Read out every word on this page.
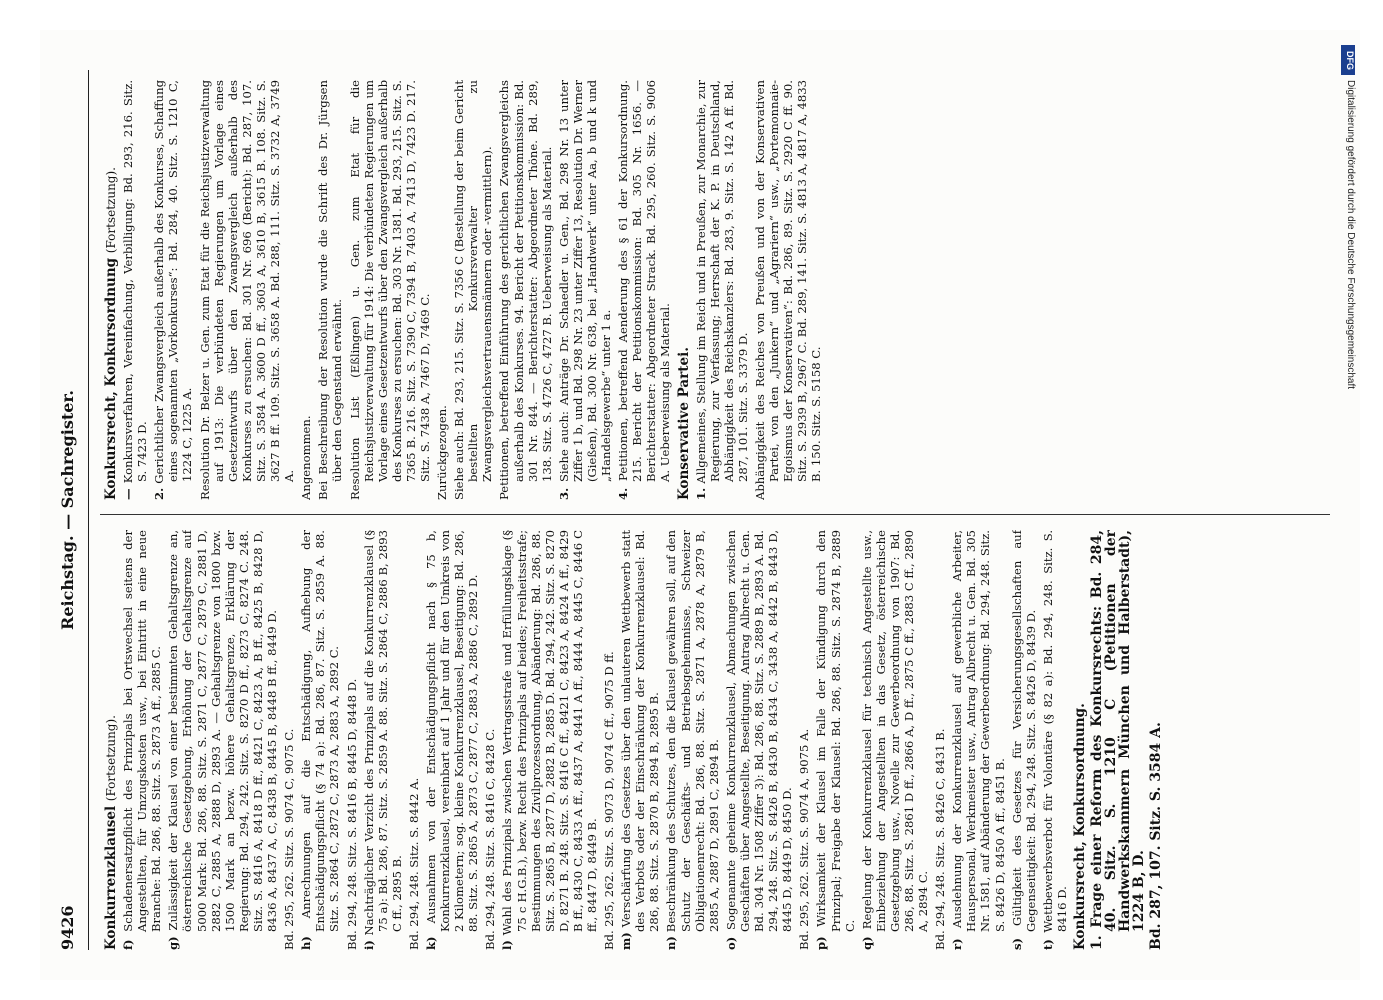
9426
Reichstag. — Sachregister.
Konkurrenzklausel (Fortsetzung).
f) Schadenersatzpflicht des Prinzipals bei Ortswechsel seitens der Angestellten, für Umzugskosten usw., bei Eintritt in eine neue Branche: Bd. 286, 88. Sitz. S. 2873 A ff., 2885 C.
g) Zulässigkeit der Klausel von einer bestimmten Gehaltsgrenze an, österreichische Gesetzgebung, Erhöhung der Gehaltsgrenze auf 5000 Mark: Bd. 286, 88. Sitz. S. 2871 C, 2877 C, 2879 C, 2881 D, 2882 C, 2885 A, 2888 D, 2893 A. — Gehaltsgrenze von 1800 bzw. 1500 Mark an bezw. höhere Gehaltsgrenze, Erklärung der Regierung: Bd. 294, 242. Sitz. S. 8270 D ff., 8273 C, 8274 C. 248. Sitz. S. 8416 A, 8418 D ff., 8421 C, 8423 A, B ff., 8425 B, 8428 D, 8436 A, 8437 A, C, 8438 B, 8445 B, 8448 B ff., 8449 D. Bd. 295, 262. Sitz. S. 9074 C, 9075 C. h) Anrechnungen auf die Entschädigung, Aufhebung der Entschädigungspflicht (§ 74 a): Bd. 286, 87. Sitz. S. 2859 A. 88. Sitz. S. 2864 C, 2872 C, 2873 A, 2883 A, 2892 C. Bd. 294, 248. Sitz. S. 8416 B, 8445 D, 8448 D. i) Nachträglicher Verzicht des Prinzipals auf die Konkurrenzklausel (§ 75 a): Bd. 286, 87. Sitz. S. 2859 A. 88. Sitz. S. 2864 C, 2886 B, 2893 C ff., 2895 B. Bd. 294, 248. Sitz. S. 8442 A. k) Ausnahmen von der Entschädigungspflicht nach § 75 b, Konkurrenzklausel, vereinbart auf 1 Jahr und für den Umkreis von 2 Kilometern; sog. kleine Konkurrenzklausel, Beseitigung: Bd. 286, 88. Sitz. S. 2865 A, 2873 C, 2877 C, 2883 A, 2886 C, 2892 D. Bd. 294, 248. Sitz. S. 8416 C, 8428 C. l) Wahl des Prinzipals zwischen Vertragsstrafe und Erfüllungsklage (§ 75 c H.G.B.), bezw. Recht des Prinzipals auf beides; Freiheitsstrafe; Bestimmungen des Zivilprozessordnung, Abänderung: Bd. 286, 88. Sitz. S. 2865 B, 2877 D, 2882 B, 2885 D. Bd. 294, 242. Sitz. S. 8270 D, 8271 B. 248. Sitz. S. 8416 C ff., 8421 C, 8423 A, 8424 A ff., 8429 B ff., 8430 C, 8433 A ff., 8437 A, 8441 A ff., 8444 A, 8445 C, 8446 C ff., 8447 D, 8449 B. Bd. 295, 262. Sitz. S. 9073 D, 9074 C ff., 9075 D ff. m) Verschärfung des Gesetzes über den unlauteren Wettbewerb statt des Verbots oder der Einschränkung der Konkurrenzklausel: Bd. 286, 88. Sitz. S. 2870 B, 2894 B, 2895 B.
n) Beschränkung des Schutzes, den die Klausel gewähren soll, auf den Schutz der Geschäfts- und Betriebsgeheimnisse, Schweizer Obligationenrecht: Bd. 286, 88. Sitz. S. 2871 A, 2878 A, 2879 B, 2885 A, 2887 D, 2891 C, 2894 B.
o) Sogenannte geheime Konkurrenzklausel, Abmachungen zwischen Geschäften über Angestellte, Beseitigung. Antrag Albrecht u. Gen. Bd. 304 Nr. 1508 Ziffer 3): Bd. 286, 88. Sitz. S. 2889 B, 2893 A. Bd. 294, 248. Sitz. S. 8426 B, 8430 B, 8434 C, 3438 A, 8442 B, 8443 D, 8445 D, 8449 D, 8450 D. Bd. 295, 262. Sitz. S. 9074 A, 9075 A. p) Wirksamkeit der Klausel im Falle der Kündigung durch den Prinzipal; Freigabe der Klausel: Bd. 286, 88. Sitz. S. 2874 B, 2889 C.
q) Regelung der Konkurrenzklausel für technisch Angestellte usw., Einbeziehung der Angestellten in das Gesetz, österreichische Gesetzgebung usw., Novelle zur Gewerbeordnung von 1907: Bd. 286, 88. Sitz. S. 2861 D ff., 2866 A, D ff., 2875 C ff., 2883 C ff., 2890 A, 2894 C. Bd. 294, 248. Sitz. S. 8426 C, 8431 B. r) Ausdehnung der Konkurrenzklausel auf gewerbliche Arbeiter, Hauspersonal, Werkmeister usw., Antrag Albrecht u. Gen. Bd. 305 Nr. 1581, auf Abänderung der Gewerbeordnung: Bd. 294, 248. Sitz. S. 8426 D, 8450 A ff., 8451 B.
s) Gültigkeit des Gesetzes für Versicherungsgesellschaften auf Gegenseitigkeit: Bd. 294, 248. Sitz. S. 8426 D, 8439 D.
t) Wettbewerbsverbot für Volontäre (§ 82 a): Bd. 294, 248. Sitz. S. 8416 D. Konkursrecht, Konkursordnung. 1. Frage einer Reform des Konkursrechts: Bd. 284, 40. Sitz. S. 1210 C (Petitionen der Handwerkskammern München und Halberstadt), 1224 B, D. Bd. 287, 107. Sitz. S. 3584 A.
Konkursrecht, Konkursordnung (Fortsetzung).
— Konkursverfahren, Vereinfachung, Verbilligung: Bd. 293, 216. Sitz. S. 7423 D.
2. Gerichtlicher Zwangsvergleich außerhalb des Konkurses, Schaffung eines sogenannten „Vorkonkurses“: Bd. 284, 40. Sitz. S. 1210 C, 1224 C, 1225 A. Resolution Dr. Belzer u. Gen. zum Etat für die Reichsjustizverwaltung auf 1913: Die verbündeten Regierungen um Vorlage eines Gesetzentwurfs über den Zwangsvergleich außerhalb des Konkurses zu ersuchen: Bd. 301 Nr. 696 (Bericht): Bd. 287, 107. Sitz. S. 3584 A. 3600 D ff., 3603 A, 3610 B, 3615 B. 108. Sitz. S. 3627 B ff. 109. Sitz. S. 3658 A. Bd. 288, 111. Sitz. S. 3732 A, 3749 A. Angenommen. Bei Beschreibung der Resolution wurde die Schrift des Dr. Jürgsen über den Gegenstand erwähnt. Resolution List (Eßlingen) u. Gen. zum Etat für die Reichsjustizverwaltung für 1914: Die verbündeten Regierungen um Vorlage eines Gesetzentwurfs über den Zwangsvergleich außerhalb des Konkurses zu ersuchen: Bd. 303 Nr. 1381. Bd. 293, 215. Sitz. S. 7365 B. 216. Sitz. S. 7390 C, 7394 B, 7403 A, 7413 D, 7423 D. 217. Sitz. S. 7438 A, 7467 D, 7469 C. Zurückgezogen. Siehe auch: Bd. 293, 215. Sitz. S. 7356 C (Bestellung der beim Gericht bestellten Konkursverwalter zu Zwangsvergleichsvertrauensmännern oder -vermittlern). Petitionen, betreffend Einführung des gerichtlichen Zwangsvergleichs außerhalb des Konkurses. 94. Bericht der Petitionskommission: Bd. 301 Nr. 844. — Berichterstatter: Abgeordneter Thöne. Bd. 289, 138. Sitz. S. 4726 C, 4727 B. Ueberweisung als Material.
3. Siehe auch: Anträge Dr. Schaedler u. Gen., Bd. 298 Nr. 13 unter Ziffer 1 b, und Bd. 298 Nr. 23 unter Ziffer 13, Resolution Dr. Werner (Gießen), Bd. 300 Nr. 638, bei „Handwerk“ unter Aa, b und k und „Handelsgewerbe“ unter 1 a.
4. Petitionen, betreffend Aenderung des § 61 der Konkursordnung. 215. Bericht der Petitionskommission: Bd. 305 Nr. 1656. — Berichterstatter: Abgeordneter Strack. Bd. 295, 260. Sitz. S. 9006 A. Ueberweisung als Material. Konservative Partei. 1. Allgemeines, Stellung im Reich und in Preußen, zur Monarchie, zur Regierung, zur Verfassung; Herrschaft der K. P. in Deutschland, Abhängigkeit des Reichskanzlers: Bd. 283, 9. Sitz. S. 142 A ff. Bd. 287, 101. Sitz. S. 3379 D. Abhängigkeit des Reiches von Preußen und von der Konservativen Partei, von den „Junkern“ und „Agrariern“ usw., „Portemonnaie-Egoismus der Konservativen“: Bd. 286, 89. Sitz. S. 2920 C ff. 90. Sitz. S. 2939 B, 2967 C. Bd. 289, 141. Sitz. S. 4813 A, 4817 A, 4833 B. 150. Sitz. S. 5158 C.
DFG
Digitalisierung gefördert durch die Deutsche Forschungsgemeinschaft
